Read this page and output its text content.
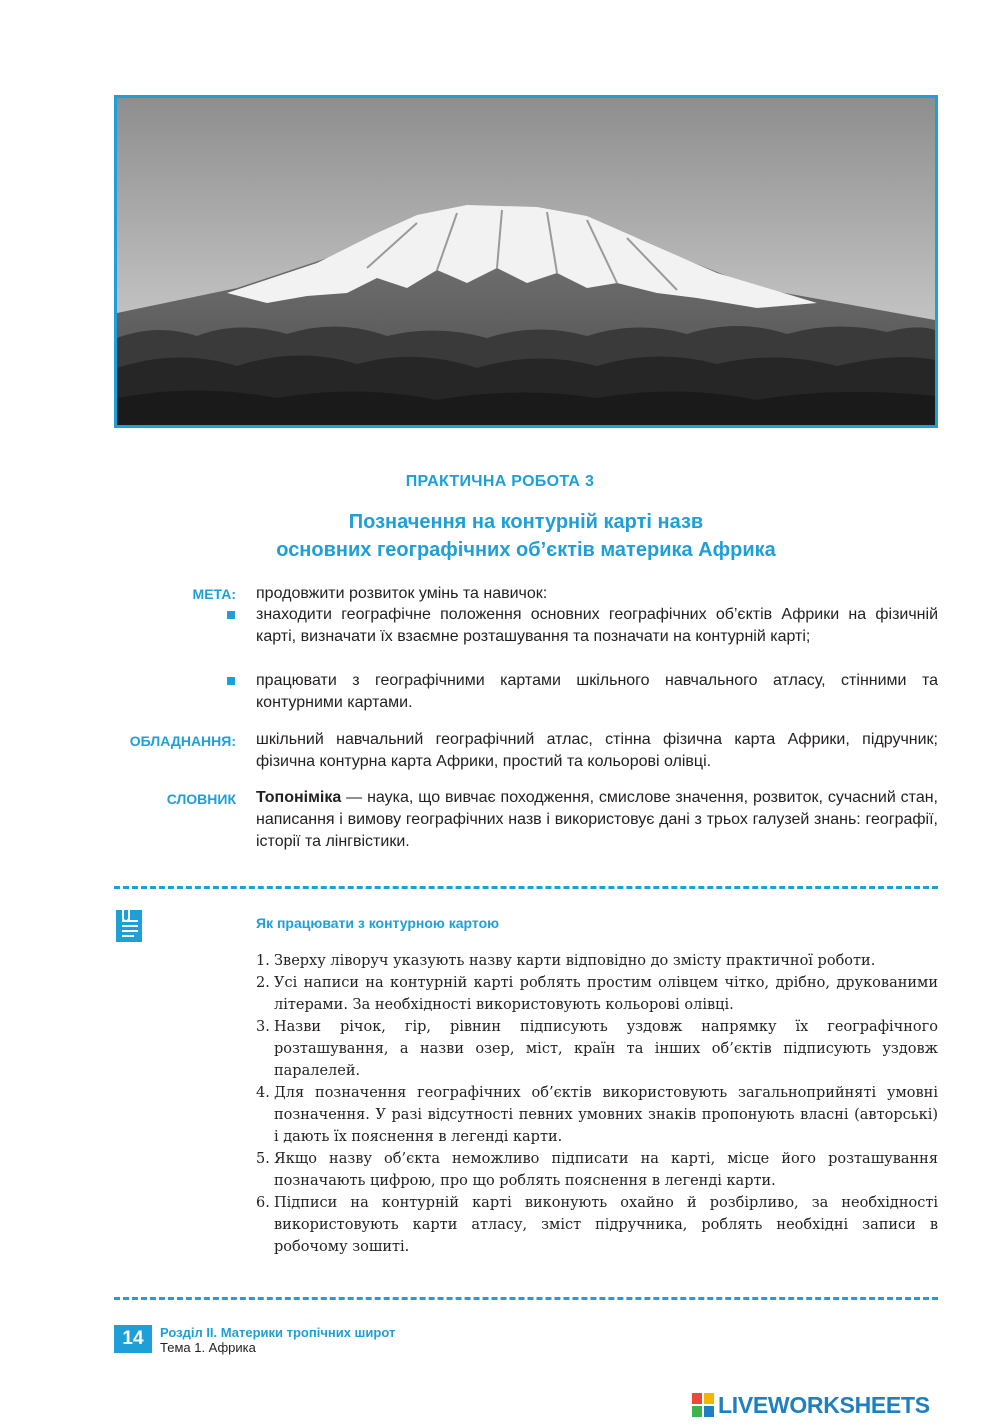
ПРАКТИЧНА РОБОТА 3
Позначення на контурній карті назв
основних географічних об’єктів материка Африка
МЕТА: продовжити розвиток умінь та навичок:
знаходити географічне положення основних географічних об’єктів Африки на фізичній карті, визначати їх взаємне розташування та позначати на контурній карті;
працювати з географічними картами шкільного навчального атласу, стінними та контурними картами.
ОБЛАДНАННЯ: шкільний навчальний географічний атлас, стінна фізична карта Африки, підручник; фізична контурна карта Африки, простий та кольорові олівці.
СЛОВНИК Топоніміка — наука, що вивчає походження, смислове значення, розвиток, сучасний стан, написання і вимову географічних назв і використовує дані з трьох галузей знань: географії, історії та лінгвістики.
Як працювати з контурною картою
1. Зверху ліворуч указують назву карти відповідно до змісту практичної роботи.
2. Усі написи на контурній карті роблять простим олівцем чітко, дрібно, друкованими літерами. За необхідності використовують кольорові олівці.
3. Назви річок, гір, рівнин підписують уздовж напрямку їх географічного розташування, а назви озер, міст, країн та інших об’єктів підписують уздовж паралелей.
4. Для позначення географічних об’єктів використовують загальноприйняті умовні позначення. У разі відсутності певних умовних знаків пропонують власні (авторські) і дають їх пояснення в легенді карти.
5. Якщо назву об’єкта неможливо підписати на карті, місце його розташування позначають цифрою, про що роблять пояснення в легенді карти.
6. Підписи на контурній карті виконують охайно й розбірливо, за необхідності використовують карти атласу, зміст підручника, роблять необхідні записи в робочому зошиті.
14	Розділ ІІ. Материки тропічних широт
Тема 1. Африка
LIVEWORKSHEETS
